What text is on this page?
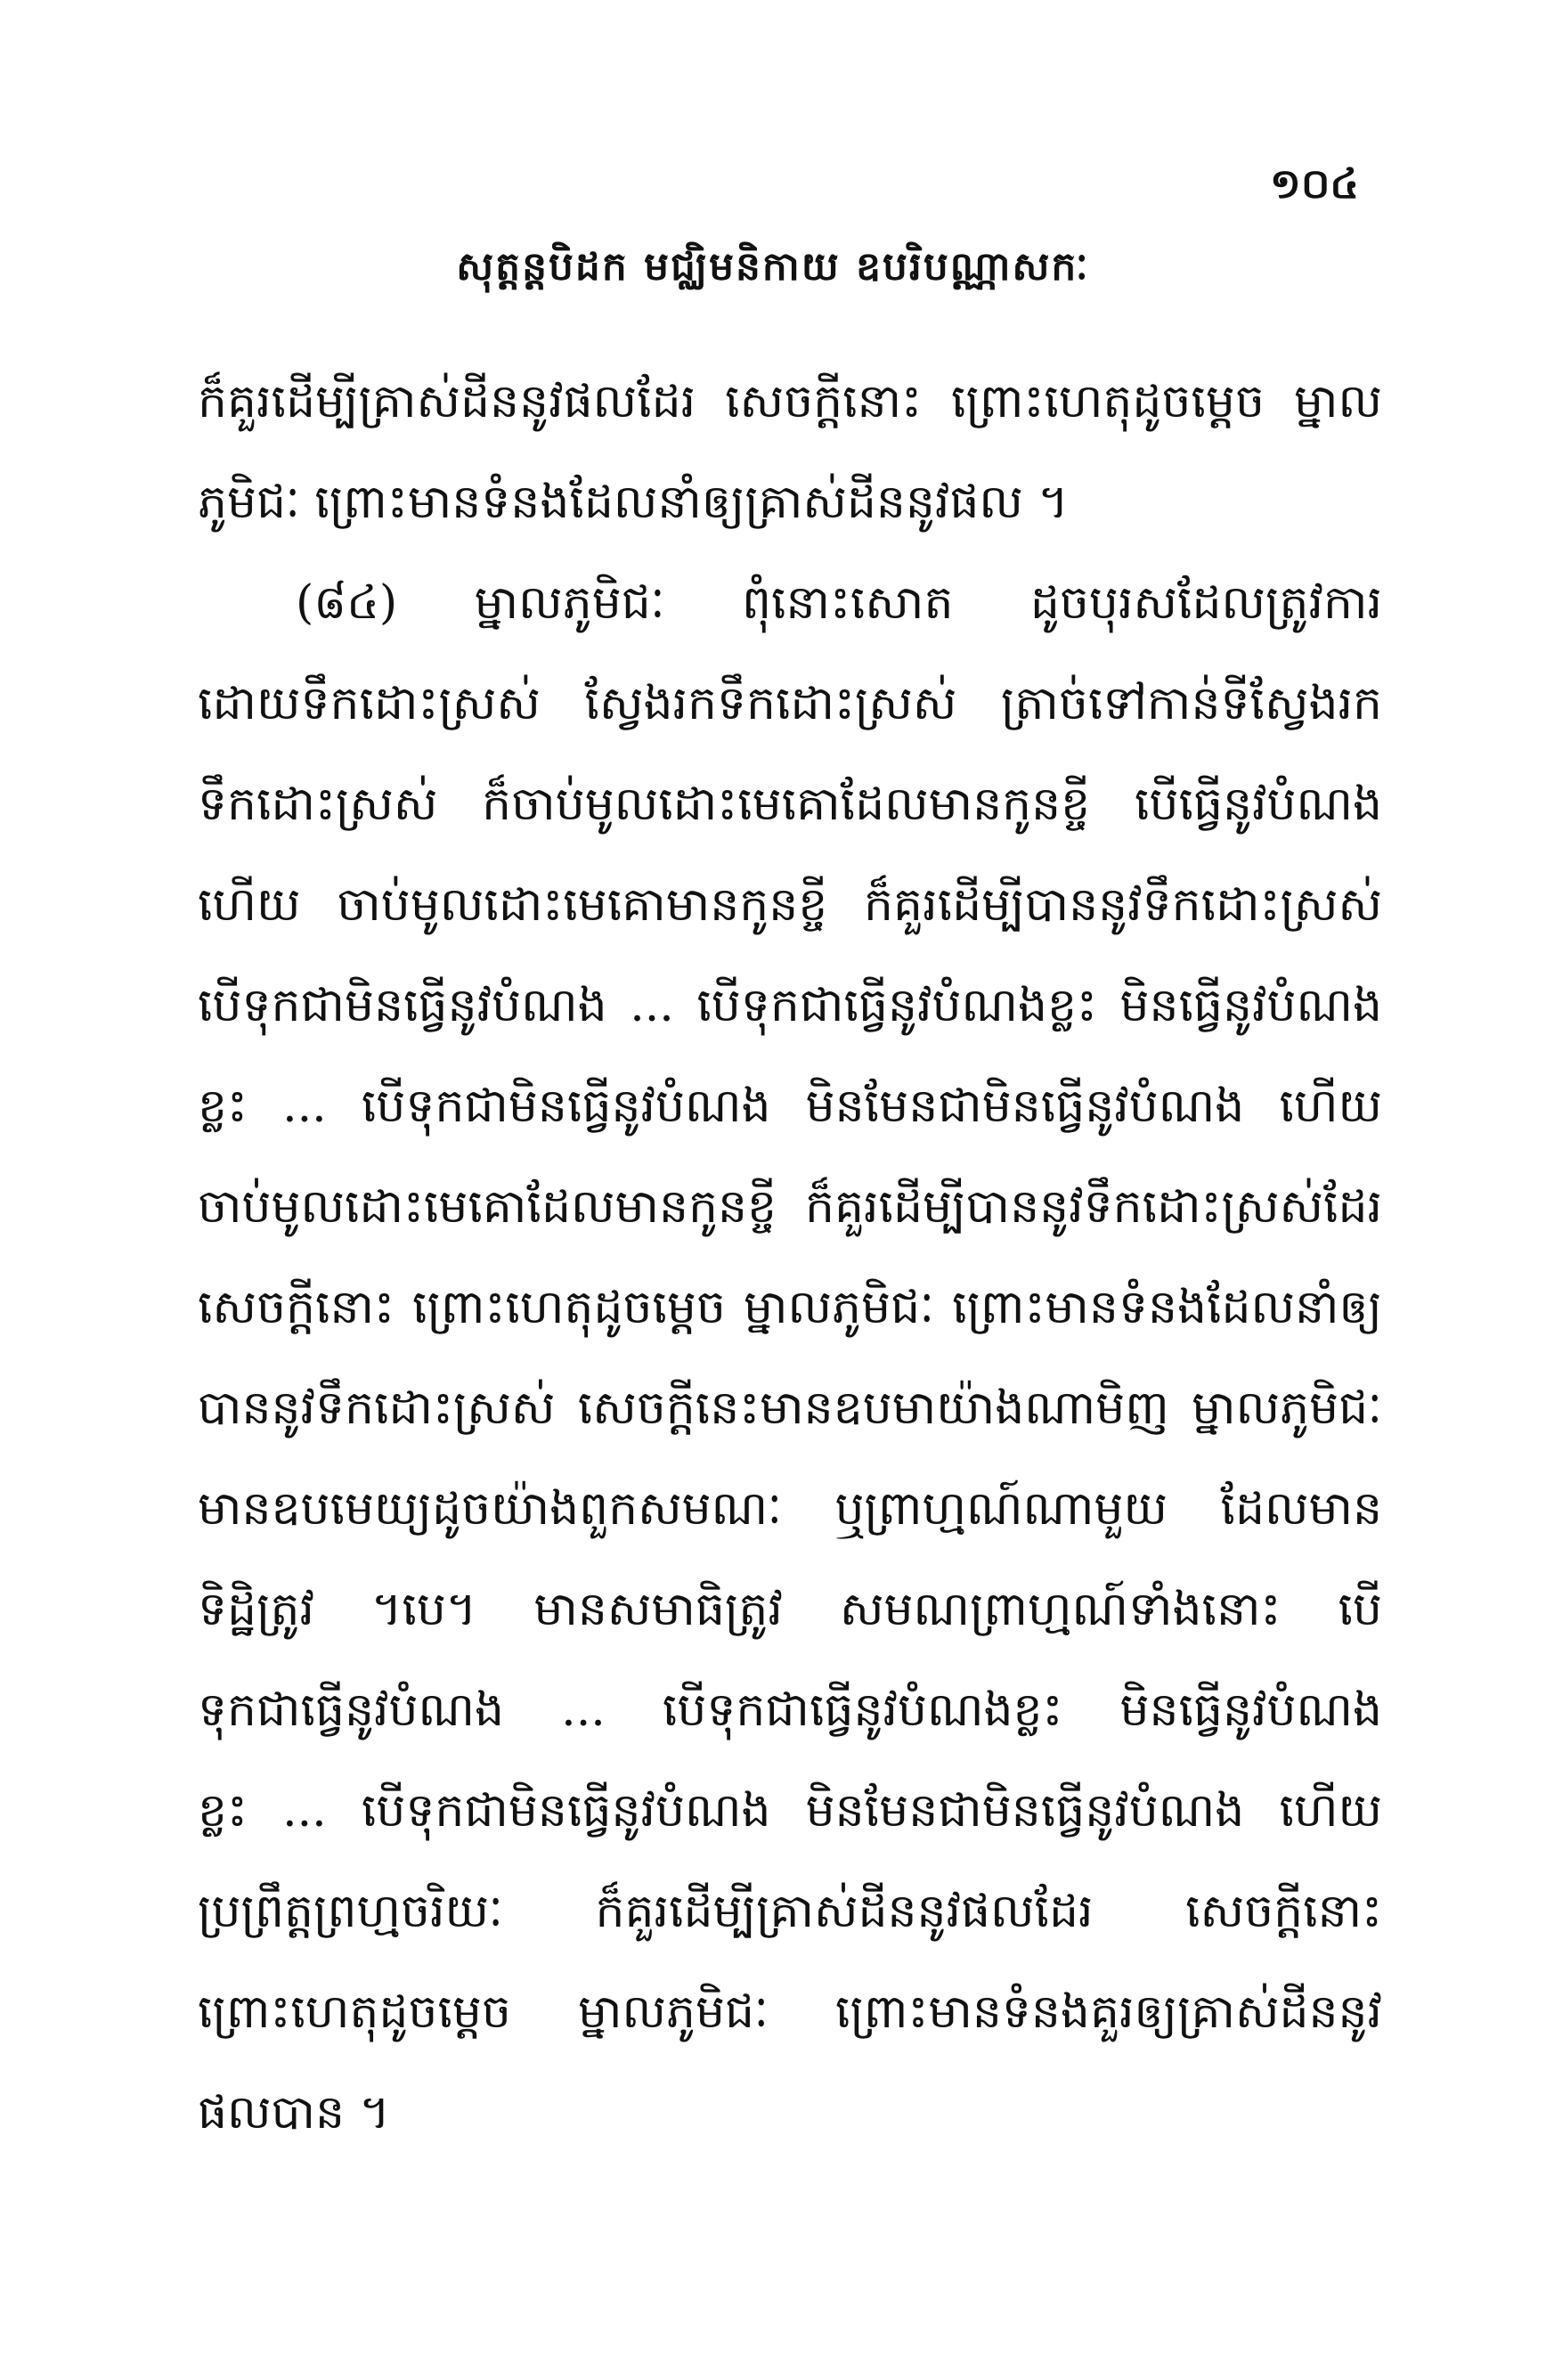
១០៤
សុត្តន្តបិដក មជ្ឈិមនិកាយ ឧបរិបណ្ណាសកៈ
ក៏គួរដើម្បីគ្រាស់ដីននូវផលដែរ សេចក្តីនោះ ព្រោះហេតុដូចម្តេច ម្នាល
ភូមិជៈ ព្រោះមានទំនងដែលនាំឲ្យគ្រាស់ដីននូវផល ។
(៨៤) ម្នាលភូមិជៈ ពុំនោះសោត ដូចបុរសដែលត្រូវការ
ដោយទឹកដោះស្រស់ ស្វែងរកទឹកដោះស្រស់ ត្រាច់ទៅកាន់ទីស្វែងរក
ទឹកដោះស្រស់ ក៏ចាប់មូលដោះមេគោដែលមានកូនខ្ចី បើធ្វើនូវបំណង
ហើយ ចាប់មូលដោះមេគោមានកូនខ្ចី ក៏គួរដើម្បីបាននូវទឹកដោះស្រស់
បើទុកជាមិនធ្វើនូវបំណង ... បើទុកជាធ្វើនូវបំណងខ្លះ មិនធ្វើនូវបំណង
ខ្លះ ... បើទុកជាមិនធ្វើនូវបំណង មិនមែនជាមិនធ្វើនូវបំណង ហើយ
ចាប់មូលដោះមេគោដែលមានកូនខ្ចី ក៏គួរដើម្បីបាននូវទឹកដោះស្រស់ដែរ
សេចក្តីនោះ ព្រោះហេតុដូចម្តេច ម្នាលភូមិជៈ ព្រោះមានទំនងដែលនាំឲ្យ
បាននូវទឹកដោះស្រស់ សេចក្តីនេះមានឧបមាយ៉ាងណាមិញ ម្នាលភូមិជៈ
មានឧបមេយ្យដូចយ៉ាងពួកសមណៈ ឬព្រាហ្មណ៍ណាមួយ ដែលមាន
ទិដ្ឋិត្រូវ ។បេ។ មានសមាធិត្រូវ សមណព្រាហ្មណ៍ទាំងនោះ បើ
ទុកជាធ្វើនូវបំណង ... បើទុកជាធ្វើនូវបំណងខ្លះ មិនធ្វើនូវបំណង
ខ្លះ ... បើទុកជាមិនធ្វើនូវបំណង មិនមែនជាមិនធ្វើនូវបំណង ហើយ
ប្រព្រឹត្តព្រហ្មចរិយៈ ក៏គួរដើម្បីគ្រាស់ដីននូវផលដែរ សេចក្តីនោះ
ព្រោះហេតុដូចម្តេច ម្នាលភូមិជៈ ព្រោះមានទំនងគួរឲ្យគ្រាស់ដីននូវ
ផលបាន ។
